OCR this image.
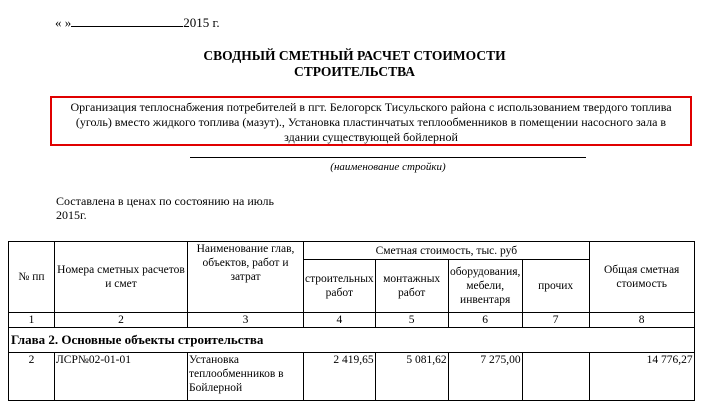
« »	2015 г.
СВОДНЫЙ СМЕТНЫЙ РАСЧЕТ СТОИМОСТИ
СТРОИТЕЛЬСТВА
Организация теплоснабжения потребителей в пгт. Белогорск Тисульского района с использованием твердого топлива (уголь) вместо жидкого топлива (мазут)., Установка пластинчатых теплообменников в помещении насосного зала в здании существующей бойлерной
(наименование стройки)
Составлена в ценах по состоянию на июль
2015г.
№ пп	Номера сметных расчетов и смет	Наименование глав, объектов, работ и затрат	Сметная стоимость, тыс. руб				Общая сметная стоимость
			строительных работ	монтажных работ	оборудования, мебели, инвентаря	прочих	
1	2	3	4	5	6	7	8
Глава 2. Основные объекты строительства							
2	ЛСР№02-01-01	Установка теплообменников в Бойлерной	2 419,65	5 081,62	7 275,00		14 776,27
